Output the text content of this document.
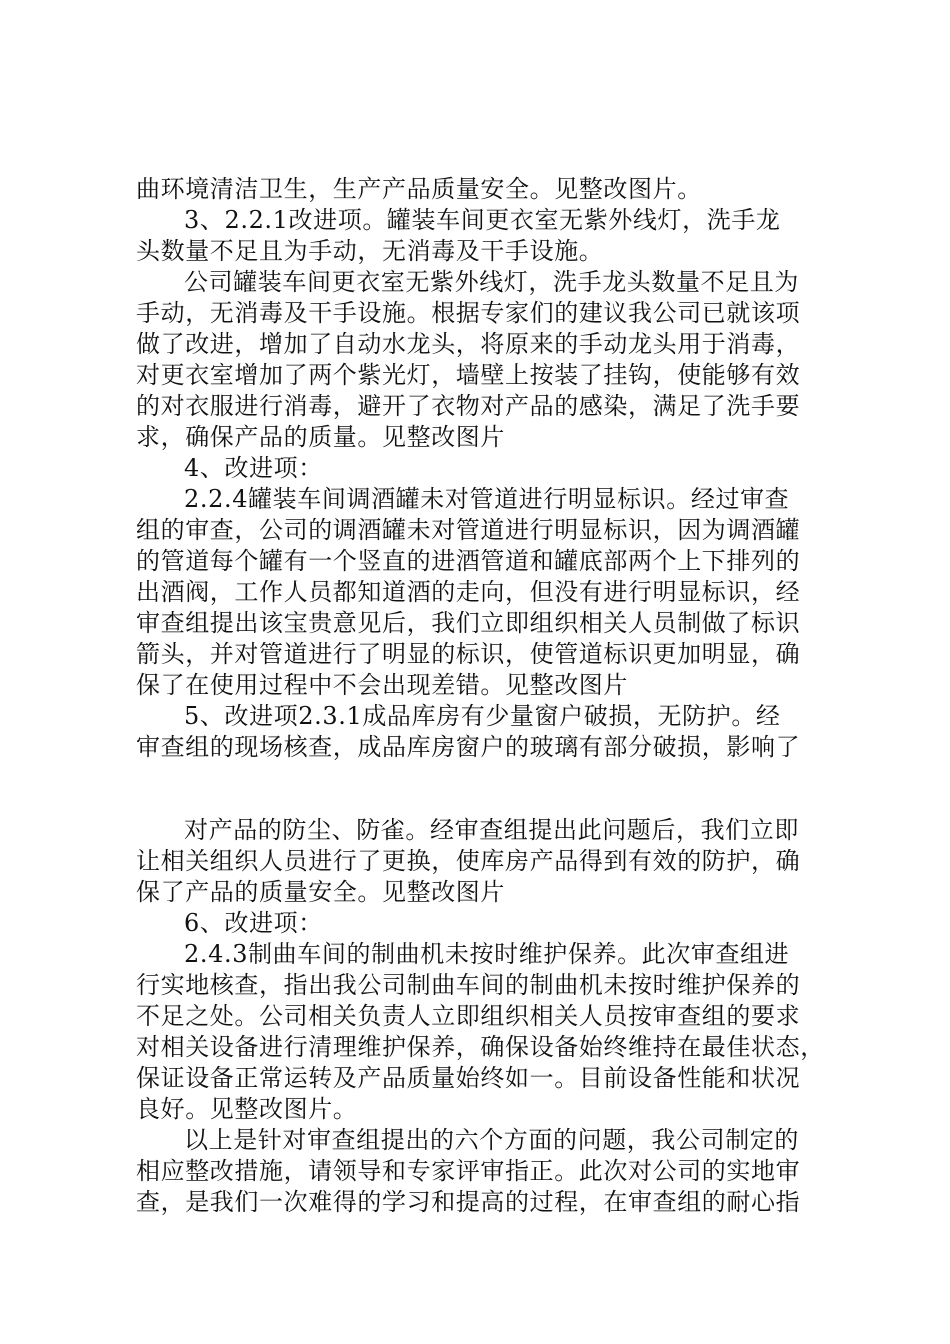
曲环境清洁卫生，生产产品质量安全。见整改图片。
3、2.2.1改进项。罐装车间更衣室无紫外线灯，洗手龙
头数量不足且为手动，无消毒及干手设施。
公司罐装车间更衣室无紫外线灯，洗手龙头数量不足且为
手动，无消毒及干手设施。根据专家们的建议我公司已就该项
做了改进，增加了自动水龙头，将原来的手动龙头用于消毒，
对更衣室增加了两个紫光灯，墙壁上按装了挂钩，使能够有效
的对衣服进行消毒，避开了衣物对产品的感染，满足了洗手要
求，确保产品的质量。见整改图片
4、改进项：
2.2.4罐装车间调酒罐未对管道进行明显标识。经过审查
组的审查，公司的调酒罐未对管道进行明显标识，因为调酒罐
的管道每个罐有一个竖直的进酒管道和罐底部两个上下排列的
出酒阀，工作人员都知道酒的走向，但没有进行明显标识，经
审查组提出该宝贵意见后，我们立即组织相关人员制做了标识
箭头，并对管道进行了明显的标识，使管道标识更加明显，确
保了在使用过程中不会出现差错。见整改图片
5、改进项2.3.1成品库房有少量窗户破损，无防护。经
审查组的现场核查，成品库房窗户的玻璃有部分破损，影响了
对产品的防尘、防雀。经审查组提出此问题后，我们立即
让相关组织人员进行了更换，使库房产品得到有效的防护，确
保了产品的质量安全。见整改图片
6、改进项：
2.4.3制曲车间的制曲机未按时维护保养。此次审查组进
行实地核查，指出我公司制曲车间的制曲机未按时维护保养的
不足之处。公司相关负责人立即组织相关人员按审查组的要求
对相关设备进行清理维护保养，确保设备始终维持在最佳状态，
保证设备正常运转及产品质量始终如一。目前设备性能和状况
良好。见整改图片。
以上是针对审查组提出的六个方面的问题，我公司制定的
相应整改措施，请领导和专家评审指正。此次对公司的实地审
查，是我们一次难得的学习和提高的过程，在审查组的耐心指
